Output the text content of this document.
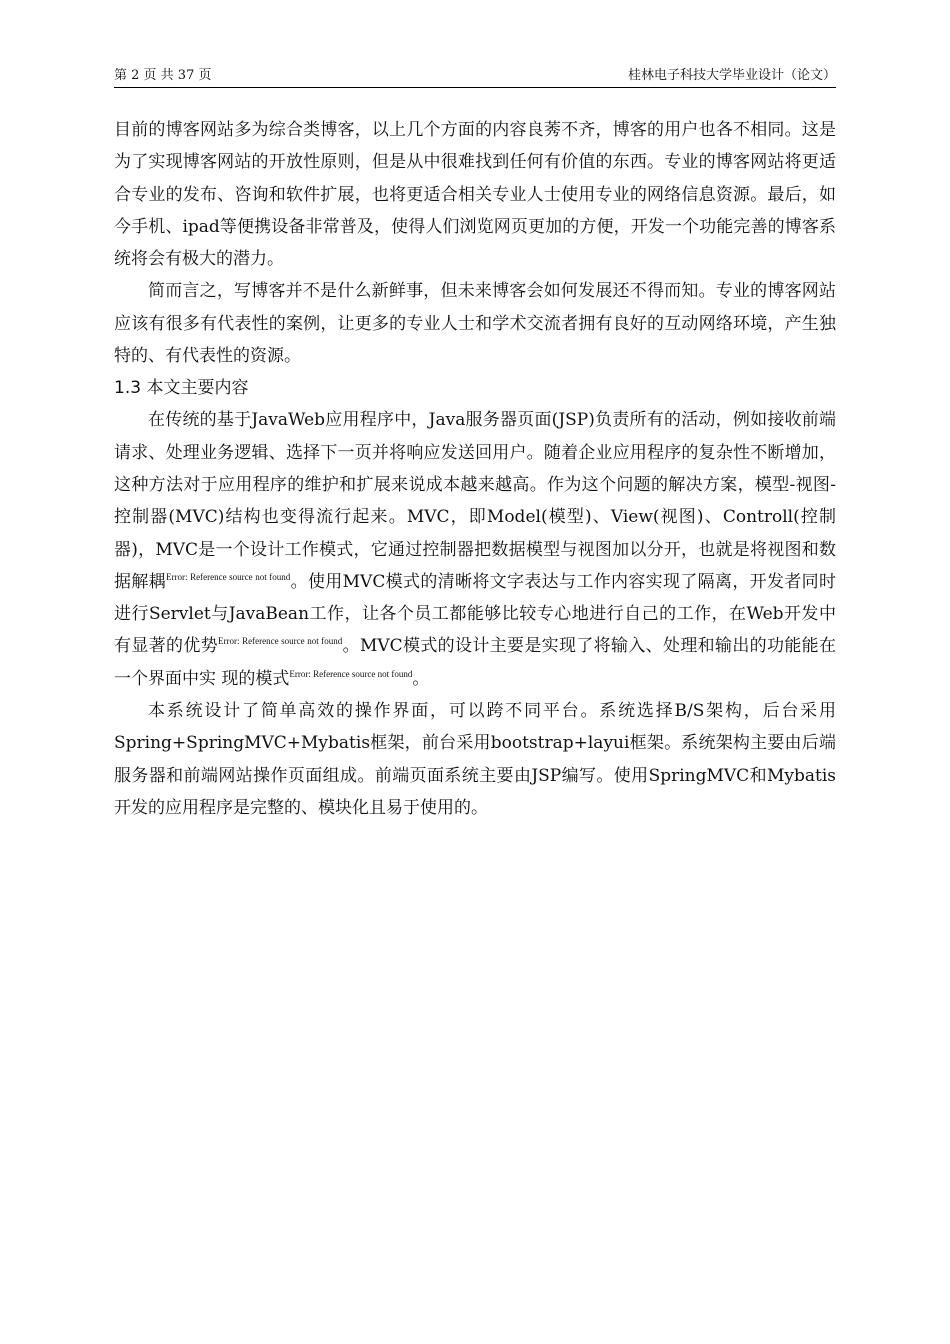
第 2 页 共 37 页	桂林电子科技大学毕业设计（论文）

目前的博客网站多为综合类博客，以上几个方面的内容良莠不齐，博客的用户也各不相同。这是为了实现博客网站的开放性原则，但是从中很难找到任何有价值的东西。专业的博客网站将更适合专业的发布、咨询和软件扩展，也将更适合相关专业人士使用专业的网络信息资源。最后，如今手机、ipad等便携设备非常普及，使得人们浏览网页更加的方便，开发一个功能完善的博客系统将会有极大的潜力。

简而言之，写博客并不是什么新鲜事，但未来博客会如何发展还不得而知。专业的博客网站应该有很多有代表性的案例，让更多的专业人士和学术交流者拥有良好的互动网络环境，产生独特的、有代表性的资源。

1.3 本文主要内容

在传统的基于JavaWeb应用程序中，Java服务器页面(JSP)负责所有的活动，例如接收前端请求、处理业务逻辑、选择下一页并将响应发送回用户。随着企业应用程序的复杂性不断增加，这种方法对于应用程序的维护和扩展来说成本越来越高。作为这个问题的解决方案，模型-视图-控制器(MVC)结构也变得流行起来。MVC，即Model(模型)、View(视图)、Controll(控制器)，MVC是一个设计工作模式，它通过控制器把数据模型与视图加以分开，也就是将视图和数据解耦$^{Error: Reference source not found}$。使用MVC模式的清晰将文字表达与工作内容实现了隔离，开发者同时进行Servlet与JavaBean工作，让各个员工都能够比较专心地进行自己的工作，在Web开发中有显著的优势$^{Error: Reference source not found}$。MVC模式的设计主要是实现了将输入、处理和输出的功能能在一个界面中实 现的模式$^{Error: Reference source not found}$。

本系统设计了简单高效的操作界面，可以跨不同平台。系统选择B/S架构，后台采用Spring+SpringMVC+Mybatis框架，前台采用bootstrap+layui框架。系统架构主要由后端服务器和前端网站操作页面组成。前端页面系统主要由JSP编写。使用SpringMVC和Mybatis开发的应用程序是完整的、模块化且易于使用的。
